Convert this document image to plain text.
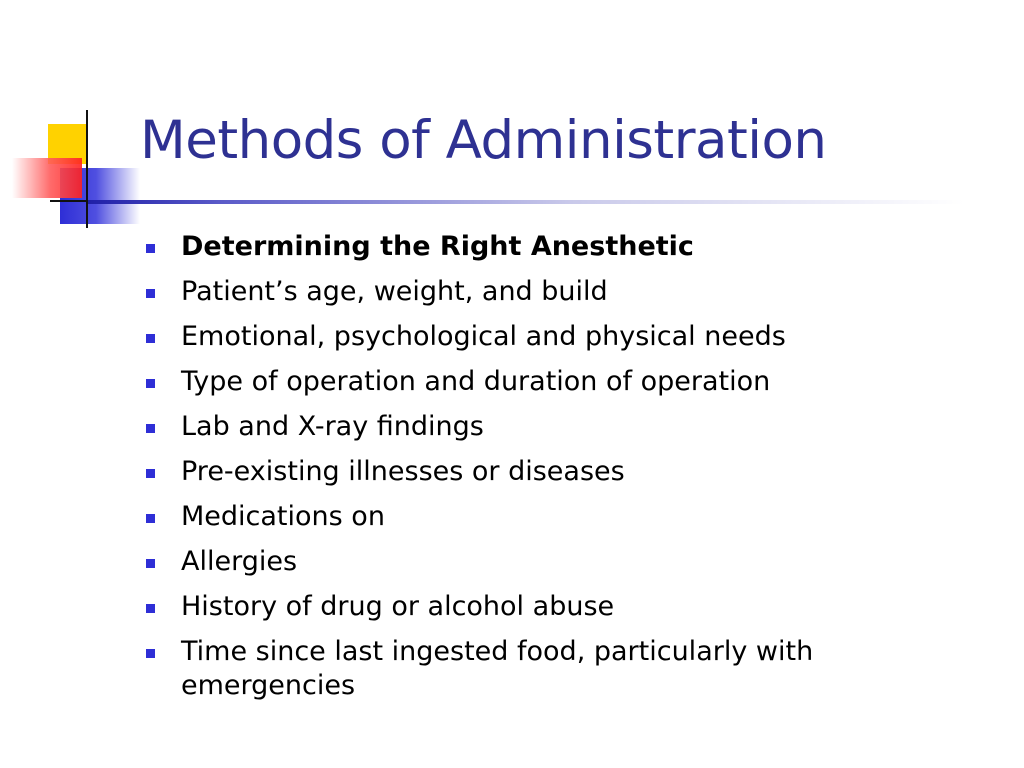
Methods of Administration
Determining the Right Anesthetic
Patient’s age, weight, and build
Emotional, psychological and physical needs
Type of operation and duration of operation
Lab and X-ray findings
Pre-existing illnesses or diseases
Medications on
Allergies
History of drug or alcohol abuse
Time since last ingested food, particularly with emergencies
